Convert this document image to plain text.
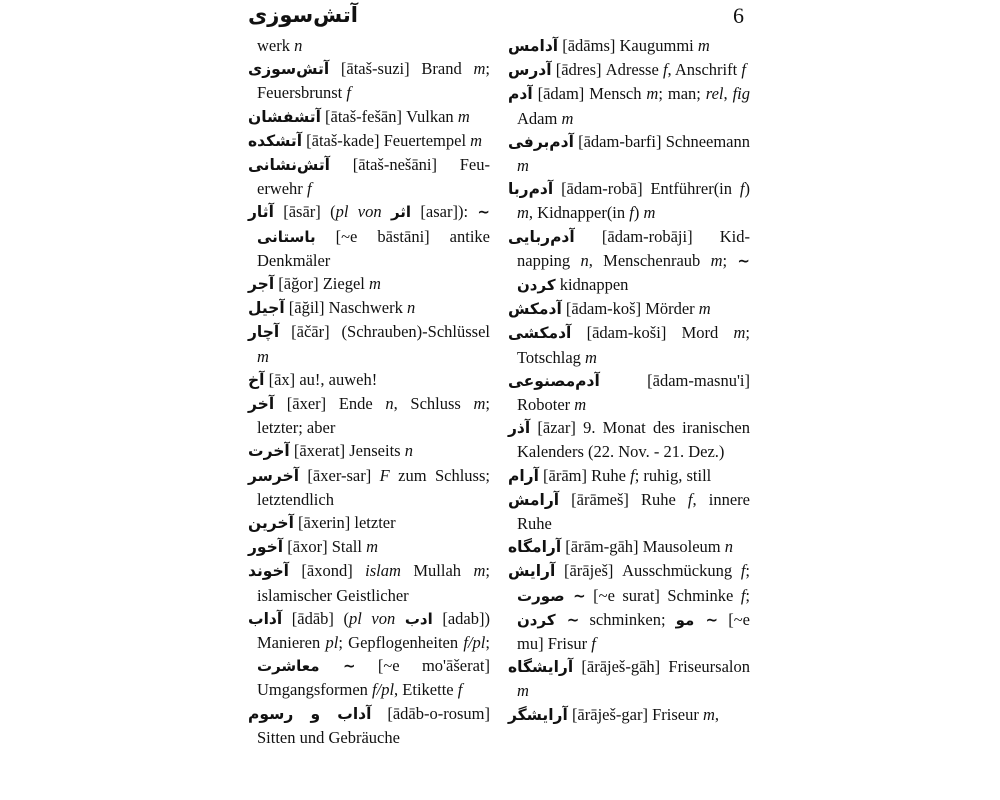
آتش‌سوزی	6

werk n

آتش‌سوزی [ātaš-suzi] Brand m; Feuersbrunst f

آتشفشان [ātaš-fešān] Vulkan m

آتشکده [ātaš-kade] Feuertempel m

آتش‌نشانی [ātaš-nešāni] Feuerwehr f

آثار [āsār] (pl von اثر [asar]): ~ باستانی [~e bāstāni] antike Denkmäler

آجر [āğor] Ziegel m

آجیل [āğil] Naschwerk n

آچار [āčār] (Schrauben)-Schlüssel m

آخ [āx] au!, auweh!

آخر [āxer] Ende n, Schluss m; letzter; aber

آخرت [āxerat] Jenseits n

آخرسر [āxer-sar] F zum Schluss; letztendlich

آخرین [āxerin] letzter

آخور [āxor] Stall m

آخوند [āxond] islam Mullah m; islamischer Geistlicher

آداب [ādāb] (pl von ادب [adab]) Manieren pl; Gepflogenheiten f/pl; ~ معاشرت [~e mo'āšerat] Umgangsformen f/pl, Etikette f

آداب و رسوم [ādāb-o-rosum] Sitten und Gebräuche

آدامس [ādāms] Kaugummi m

آدرس [ādres] Adresse f, Anschrift f

آدم [ādam] Mensch m; man; rel, fig Adam m

آدم‌برفی [ādam-barfi] Schneemann m

آدم‌ربا [ādam-robā] Entführer(in f) m, Kidnapper(in f) m

آدم‌ربایی [ādam-robāji] Kidnapping n, Menschenraub m; ~ کردن kidnappen

آدمکش [ādam-koš] Mörder m

آدمکشی [ādam-koši] Mord m; Totschlag m

آدم‌مصنوعی [ādam-masnu'i] Roboter m

آذر [āzar] 9. Monat des iranischen Kalenders (22. Nov. - 21. Dez.)

آرام [ārām] Ruhe f; ruhig, still

آرامش [ārāmeš] Ruhe f, innere Ruhe

آرامگاه [ārām-gāh] Mausoleum n

آرایش [ārāješ] Ausschmückung f; ~ صورت [~e surat] Schminke f; ~ کردن schminken; ~ مو [~e mu] Frisur f

آرایشگاه [ārāješ-gāh] Friseursalon m

آرایشگر [ārāješ-gar] Friseur m,
